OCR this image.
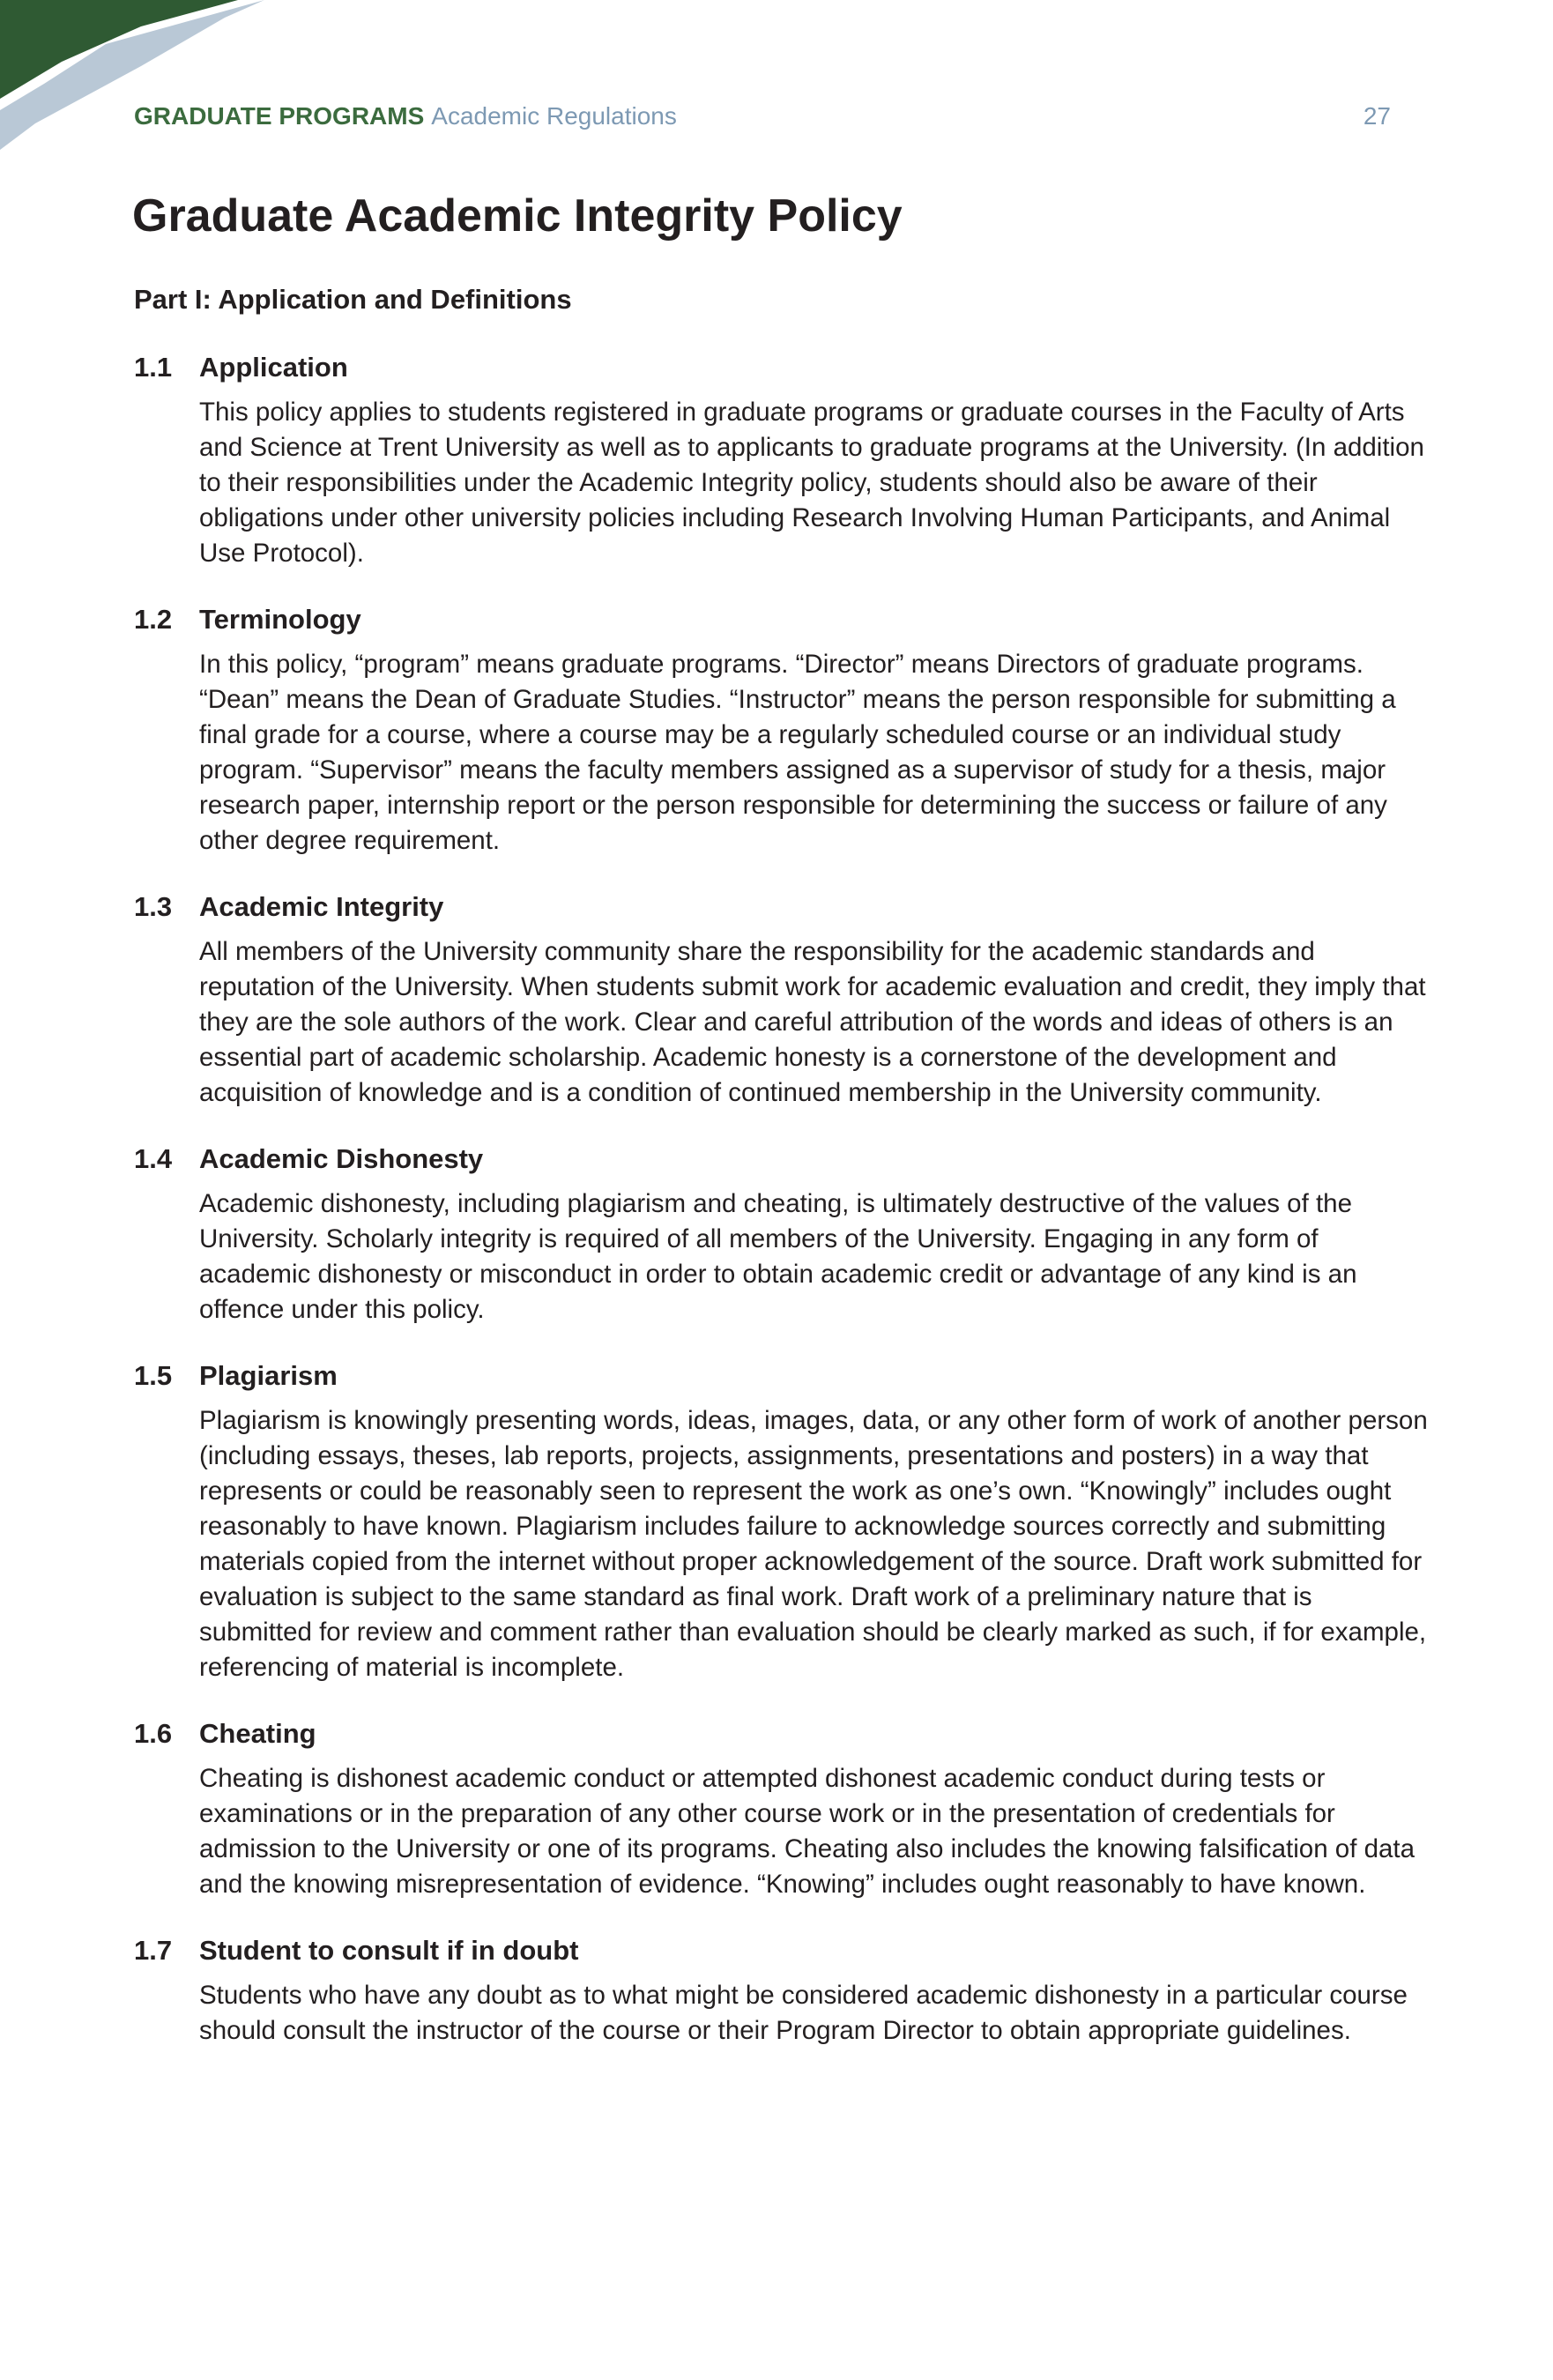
GRADUATE PROGRAMS Academic Regulations	27
Graduate Academic Integrity Policy
Part I: Application and Definitions
1.1 Application

This policy applies to students registered in graduate programs or graduate courses in the Faculty of Arts and Science at Trent University as well as to applicants to graduate programs at the University. (In addition to their responsibilities under the Academic Integrity policy, students should also be aware of their obligations under other university policies including Research Involving Human Participants, and Animal Use Protocol).

1.2 Terminology

In this policy, “program” means graduate programs. “Director” means Directors of graduate programs. “Dean” means the Dean of Graduate Studies. “Instructor” means the person responsible for submitting a final grade for a course, where a course may be a regularly scheduled course or an individual study program. “Supervisor” means the faculty members assigned as a supervisor of study for a thesis, major research paper, internship report or the person responsible for determining the success or failure of any other degree requirement.

1.3 Academic Integrity

All members of the University community share the responsibility for the academic standards and reputation of the University. When students submit work for academic evaluation and credit, they imply that they are the sole authors of the work. Clear and careful attribution of the words and ideas of others is an essential part of academic scholarship. Academic honesty is a cornerstone of the development and acquisition of knowledge and is a condition of continued membership in the University community.

1.4 Academic Dishonesty

Academic dishonesty, including plagiarism and cheating, is ultimately destructive of the values of the University. Scholarly integrity is required of all members of the University. Engaging in any form of academic dishonesty or misconduct in order to obtain academic credit or advantage of any kind is an offence under this policy.

1.5 Plagiarism

Plagiarism is knowingly presenting words, ideas, images, data, or any other form of work of another person (including essays, theses, lab reports, projects, assignments, presentations and posters) in a way that represents or could be reasonably seen to represent the work as one’s own. “Knowingly” includes ought reasonably to have known. Plagiarism includes failure to acknowledge sources correctly and submitting materials copied from the internet without proper acknowledgement of the source. Draft work submitted for evaluation is subject to the same standard as final work. Draft work of a preliminary nature that is submitted for review and comment rather than evaluation should be clearly marked as such, if for example, referencing of material is incomplete.

1.6 Cheating

Cheating is dishonest academic conduct or attempted dishonest academic conduct during tests or examinations or in the preparation of any other course work or in the presentation of credentials for admission to the University or one of its programs. Cheating also includes the knowing falsification of data and the knowing misrepresentation of evidence. “Knowing” includes ought reasonably to have known.

1.7 Student to consult if in doubt

Students who have any doubt as to what might be considered academic dishonesty in a particular course should consult the instructor of the course or their Program Director to obtain appropriate guidelines.
